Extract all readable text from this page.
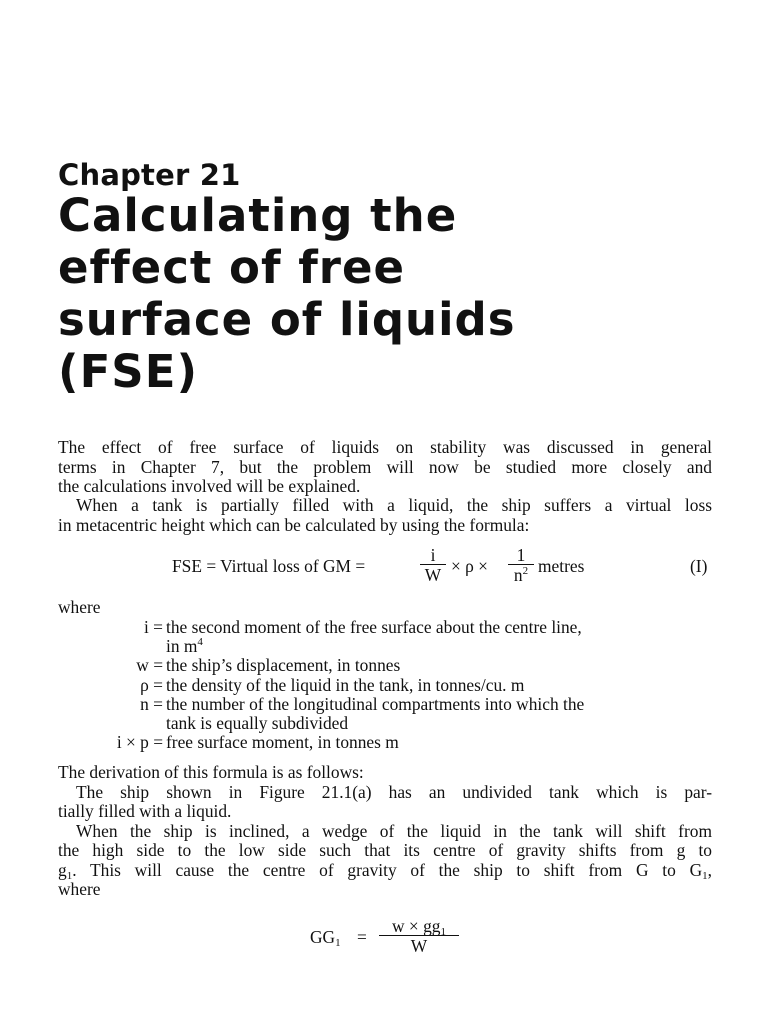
Chapter 21
Calculating the
effect of free
surface of liquids
(FSE)
The effect of free surface of liquids on stability was discussed in general
terms in Chapter 7, but the problem will now be studied more closely and
the calculations involved will be explained.
When a tank is partially filled with a liquid, the ship suffers a virtual loss
in metacentric height which can be calculated by using the formula:
FSE = Virtual loss of GM =
i
W × ρ ×
1
$n^2$ metres	(I)
where
i = the second moment of the free surface about the centre line,
in $m^4$
w = the ship’s displacement, in tonnes
ρ = the density of the liquid in the tank, in tonnes/cu. m
n = the number of the longitudinal compartments into which the
tank is equally subdivided
i × p = free surface moment, in tonnes m
The derivation of this formula is as follows:
The ship shown in Figure 21.1(a) has an undivided tank which is par-
tially filled with a liquid.
When the ship is inclined, a wedge of the liquid in the tank will shift from
the high side to the low side such that its centre of gravity shifts from g to
$g_1$. This will cause the centre of gravity of the ship to shift from G to $G_1$,
where
$GG_1$ =
$w \times gg_1$
W
